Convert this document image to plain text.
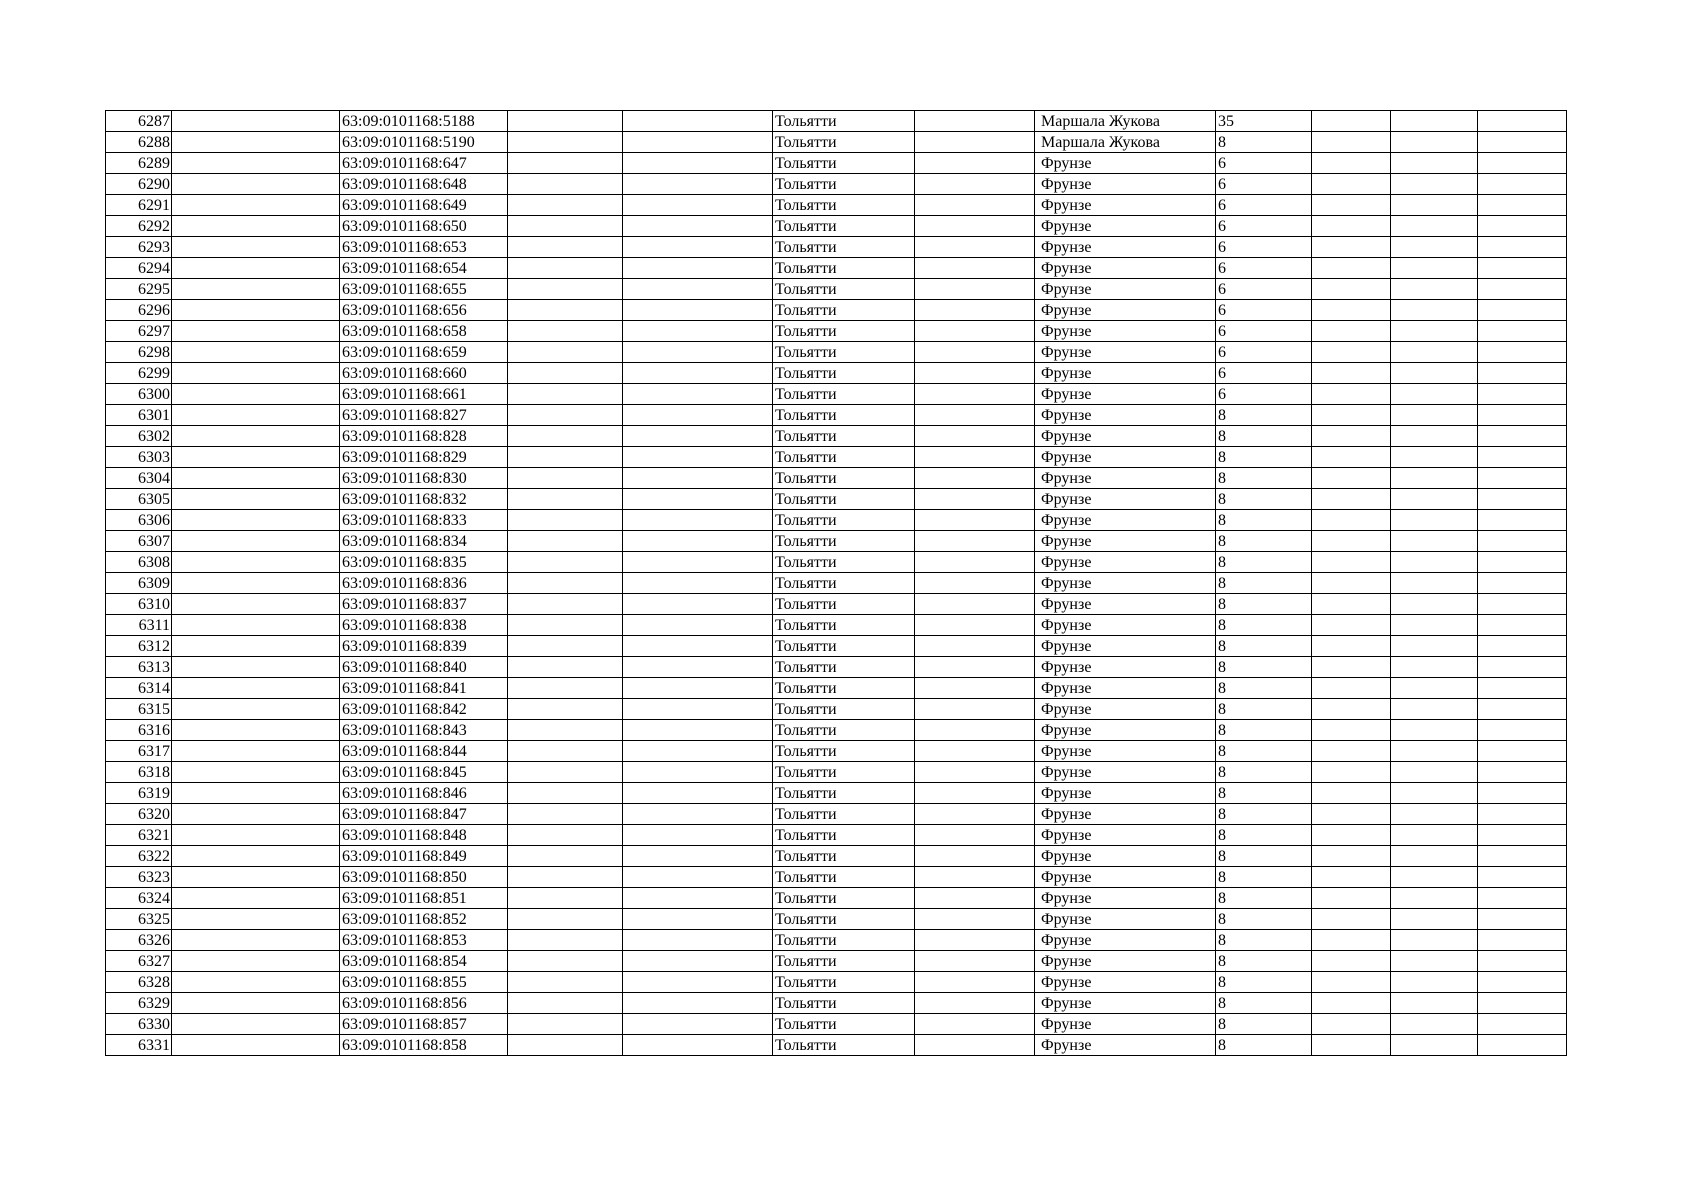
6287		63:09:0101168:5188			Тольятти		Маршала Жукова	35			
6288		63:09:0101168:5190			Тольятти		Маршала Жукова	8			
6289		63:09:0101168:647			Тольятти		Фрунзе	6			
6290		63:09:0101168:648			Тольятти		Фрунзе	6			
6291		63:09:0101168:649			Тольятти		Фрунзе	6			
6292		63:09:0101168:650			Тольятти		Фрунзе	6			
6293		63:09:0101168:653			Тольятти		Фрунзе	6			
6294		63:09:0101168:654			Тольятти		Фрунзе	6			
6295		63:09:0101168:655			Тольятти		Фрунзе	6			
6296		63:09:0101168:656			Тольятти		Фрунзе	6			
6297		63:09:0101168:658			Тольятти		Фрунзе	6			
6298		63:09:0101168:659			Тольятти		Фрунзе	6			
6299		63:09:0101168:660			Тольятти		Фрунзе	6			
6300		63:09:0101168:661			Тольятти		Фрунзе	6			
6301		63:09:0101168:827			Тольятти		Фрунзе	8			
6302		63:09:0101168:828			Тольятти		Фрунзе	8			
6303		63:09:0101168:829			Тольятти		Фрунзе	8			
6304		63:09:0101168:830			Тольятти		Фрунзе	8			
6305		63:09:0101168:832			Тольятти		Фрунзе	8			
6306		63:09:0101168:833			Тольятти		Фрунзе	8			
6307		63:09:0101168:834			Тольятти		Фрунзе	8			
6308		63:09:0101168:835			Тольятти		Фрунзе	8			
6309		63:09:0101168:836			Тольятти		Фрунзе	8			
6310		63:09:0101168:837			Тольятти		Фрунзе	8			
6311		63:09:0101168:838			Тольятти		Фрунзе	8			
6312		63:09:0101168:839			Тольятти		Фрунзе	8			
6313		63:09:0101168:840			Тольятти		Фрунзе	8			
6314		63:09:0101168:841			Тольятти		Фрунзе	8			
6315		63:09:0101168:842			Тольятти		Фрунзе	8			
6316		63:09:0101168:843			Тольятти		Фрунзе	8			
6317		63:09:0101168:844			Тольятти		Фрунзе	8			
6318		63:09:0101168:845			Тольятти		Фрунзе	8			
6319		63:09:0101168:846			Тольятти		Фрунзе	8			
6320		63:09:0101168:847			Тольятти		Фрунзе	8			
6321		63:09:0101168:848			Тольятти		Фрунзе	8			
6322		63:09:0101168:849			Тольятти		Фрунзе	8			
6323		63:09:0101168:850			Тольятти		Фрунзе	8			
6324		63:09:0101168:851			Тольятти		Фрунзе	8			
6325		63:09:0101168:852			Тольятти		Фрунзе	8			
6326		63:09:0101168:853			Тольятти		Фрунзе	8			
6327		63:09:0101168:854			Тольятти		Фрунзе	8			
6328		63:09:0101168:855			Тольятти		Фрунзе	8			
6329		63:09:0101168:856			Тольятти		Фрунзе	8			
6330		63:09:0101168:857			Тольятти		Фрунзе	8			
6331		63:09:0101168:858			Тольятти		Фрунзе	8			
